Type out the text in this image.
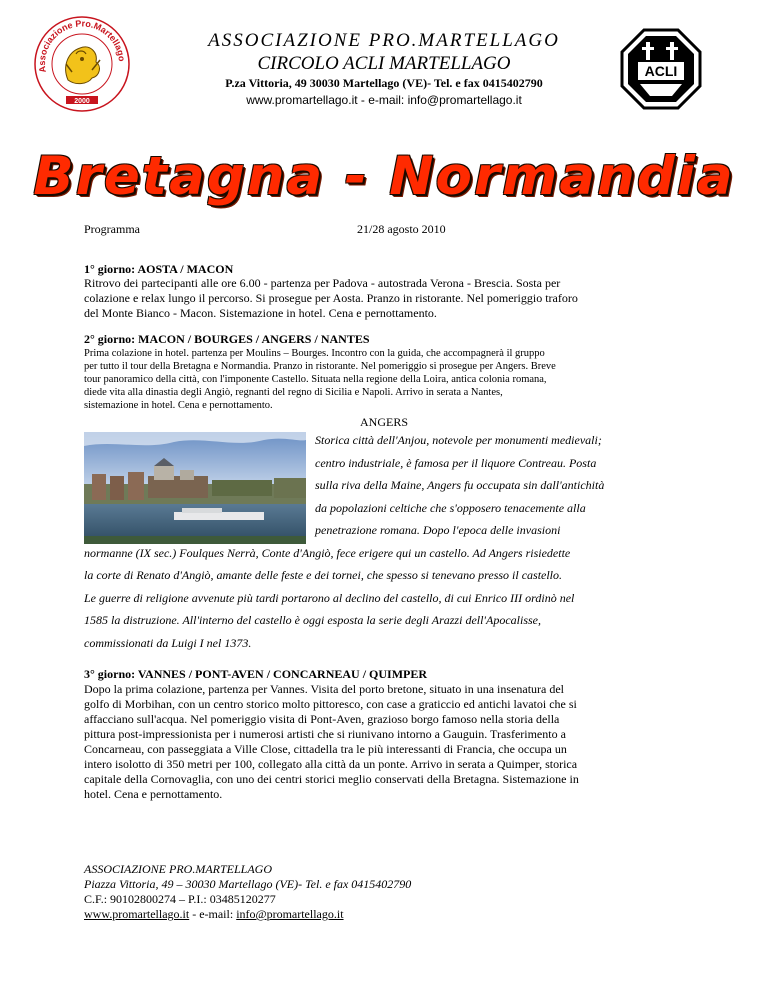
Associazione Pro.Martellago
2000
ACLI
ASSOCIAZIONE PRO.MARTELLAGO
CIRCOLO ACLI MARTELLAGO
P.za Vittoria, 49 30030 Martellago (VE)- Tel. e fax 0415402790
www.promartellago.it - e-mail: info@promartellago.it
Bretagna - Normandia
Programma	21/28 agosto 2010
1° giorno: AOSTA / MACON
Ritrovo dei partecipanti alle ore 6.00 - partenza per Padova - autostrada Verona - Brescia. Sosta per
colazione e relax lungo il percorso. Si prosegue per Aosta. Pranzo in ristorante. Nel pomeriggio traforo
del Monte Bianco - Macon. Sistemazione in hotel. Cena e pernottamento.
2° giorno: MACON / BOURGES / ANGERS / NANTES
Prima colazione in hotel. partenza per Moulins – Bourges. Incontro con la guida, che accompagnerà il gruppo
per tutto il tour della Bretagna e Normandia. Pranzo in ristorante. Nel pomeriggio si prosegue per Angers. Breve
tour panoramico della città, con l'imponente Castello. Situata nella regione della Loira, antica colonia romana,
diede vita alla dinastia degli Angiò, regnanti del regno di Sicilia e Napoli. Arrivo in serata a Nantes,
sistemazione in hotel. Cena e pernottamento.
ANGERS
Storica città dell'Anjou, notevole per monumenti medievali;
centro industriale, è famosa per il liquore Contreau. Posta
sulla riva della Maine, Angers fu occupata sin dall'antichità
da popolazioni celtiche che s'opposero tenacemente alla
penetrazione romana. Dopo l'epoca delle invasioni
normanne (IX sec.) Foulques Nerrà, Conte d'Angiò, fece erigere qui un castello. Ad Angers risiedette
la corte di Renato d'Angiò, amante delle feste e dei tornei, che spesso si tenevano presso il castello.
Le guerre di religione avvenute più tardi portarono al declino del castello, di cui Enrico III ordinò nel
1585 la distruzione. All'interno del castello è oggi esposta la serie degli Arazzi dell'Apocalisse,
commissionati da Luigi I nel 1373.
3° giorno: VANNES / PONT-AVEN / CONCARNEAU / QUIMPER
Dopo la prima colazione, partenza per Vannes. Visita del porto bretone, situato in una insenatura del
golfo di Morbihan, con un centro storico molto pittoresco, con case a graticcio ed antichi lavatoi che si
affacciano sull'acqua. Nel pomeriggio visita di Pont-Aven, grazioso borgo famoso nella storia della
pittura post-impressionista per i numerosi artisti che si riunivano intorno a Gauguin. Trasferimento a
Concarneau, con passeggiata a Ville Close, cittadella tra le più interessanti di Francia, che occupa un
intero isolotto di 350 metri per 100, collegato alla città da un ponte. Arrivo in serata a Quimper, storica
capitale della Cornovaglia, con uno dei centri storici meglio conservati della Bretagna. Sistemazione in
hotel. Cena e pernottamento.
ASSOCIAZIONE PRO.MARTELLAGO
Piazza Vittoria, 49 – 30030 Martellago (VE)- Tel. e fax 0415402790
C.F.: 90102800274 – P.I.: 03485120277
www.promartellago.it - e-mail: info@promartellago.it
